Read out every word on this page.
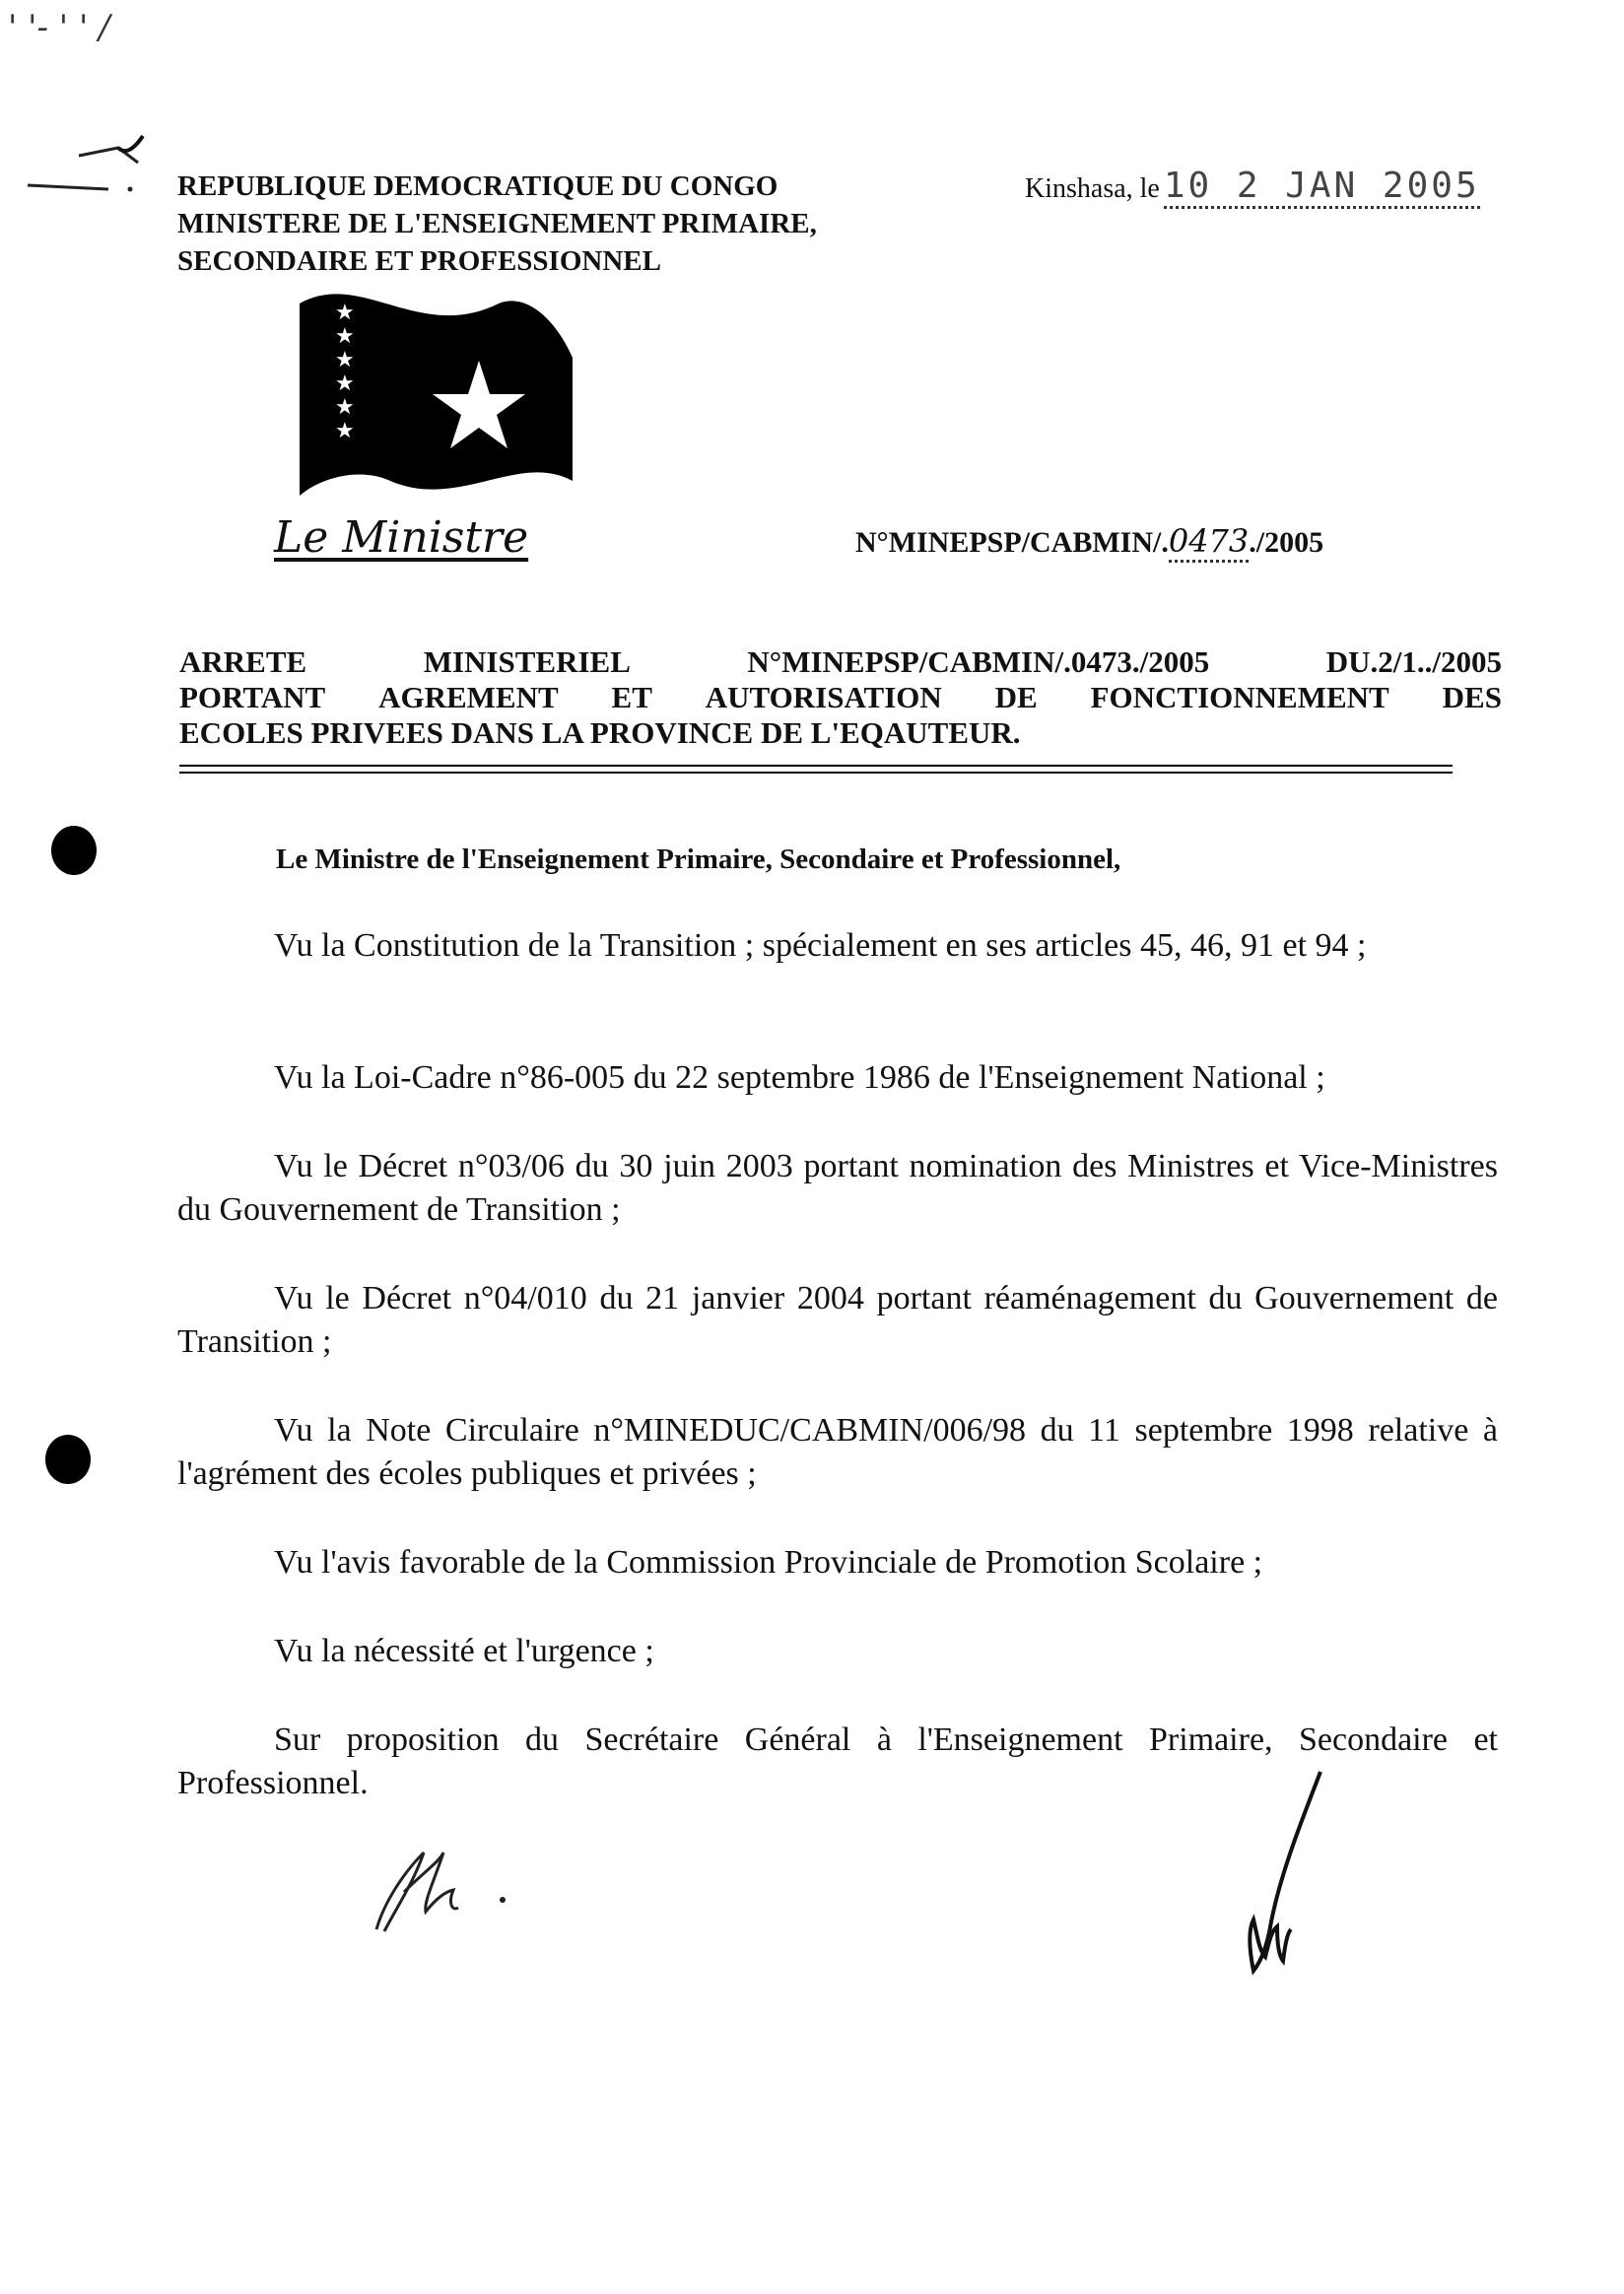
' '- ' ' /
REPUBLIQUE DEMOCRATIQUE DU CONGO
MINISTERE DE L'ENSEIGNEMENT PRIMAIRE,
SECONDAIRE ET PROFESSIONNEL
Kinshasa, le 10 2 JAN 2005
★
★
★
★
★
★
Le Ministre	N°MINEPSP/CABMIN/.0473./2005
ARRETE	MINISTERIEL	N°MINEPSP/CABMIN/.0473./2005	DU.2/1../2005
PORTANT AGREMENT ET AUTORISATION DE FONCTIONNEMENT DES
ECOLES PRIVEES DANS LA PROVINCE DE L'EQAUTEUR.
Le Ministre de l'Enseignement Primaire, Secondaire et Professionnel,
Vu la Constitution de la Transition ; spécialement en ses articles 45, 46, 91 et 94 ;
Vu la Loi-Cadre n°86-005 du 22 septembre 1986 de l'Enseignement National ;
Vu le Décret n°03/06 du 30 juin 2003 portant nomination des Ministres et Vice-Ministres du Gouvernement de Transition ;
Vu le Décret n°04/010 du 21 janvier 2004 portant réaménagement du Gouvernement de Transition ;
Vu la Note Circulaire n°MINEDUC/CABMIN/006/98 du 11 septembre 1998 relative à l'agrément des écoles publiques et privées ;
Vu l'avis favorable de la Commission Provinciale de Promotion Scolaire ;
Vu la nécessité et l'urgence ;
Sur proposition du Secrétaire Général à l'Enseignement Primaire, Secondaire et Professionnel.
